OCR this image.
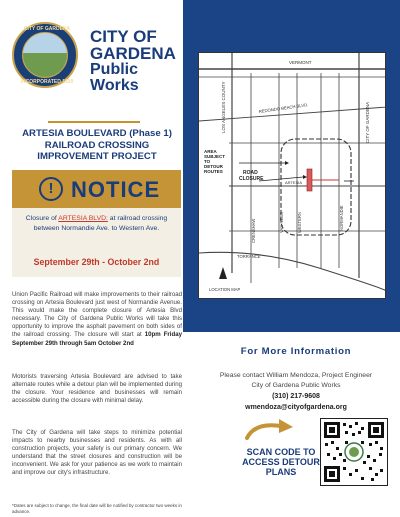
CITY OF GARDENA
INCORPORATED 1930
CITY OF
GARDENA
Public
Works
VERMONT
LOS ANGELES COUNTY	CITY OF GARDENA
REDONDO BEACH BLVD.
AREA SUBJECT TO DETOUR ROUTES	ROAD CLOSURE
ARTESIA
CRENSHAW	VAN NESS	WESTERN	NORMANDIE
TORRANCE
LOCATION MAP
ARTESIA BOULEVARD (Phase 1)
RAILROAD CROSSING
IMPROVEMENT PROJECT
! NOTICE
Closure of ARTESIA BLVD: at railroad crossing between Normandie Ave. to Western Ave.
September 29th - October 2nd
Union Pacific Railroad will make improvements to their railroad crossing on Artesia Boulevard just west of Normandie Avenue. This would make the complete closure of Artesia Blvd necessary. The City of Gardena Public Works will take this opportunity to improve the asphalt pavement on both sides of the railroad crossing. The closure will start at 10pm Friday September 29th through 5am October 2nd
Motorists traversing Artesia Boulevard are advised to take alternate routes while a detour plan will be implemented during the closure. Your residence and businesses will remain accessible during the closure with minimal delay.
The City of Gardena will take steps to minimize potential impacts to nearby businesses and residents. As with all construction projects, your safety is our primary concern. We understand that the street closures and construction will be inconvenient. We ask for your patience as we work to maintain and improve our city's infrastructure.
*Dates are subject to change, the final date will be notified by contractor two weeks in advance.
For More Information
Please contact William Mendoza, Project Engineer
City of Gardena Public Works
(310) 217-9608
wmendoza@cityofgardena.org
SCAN CODE TO
ACCESS DETOUR
PLANS
